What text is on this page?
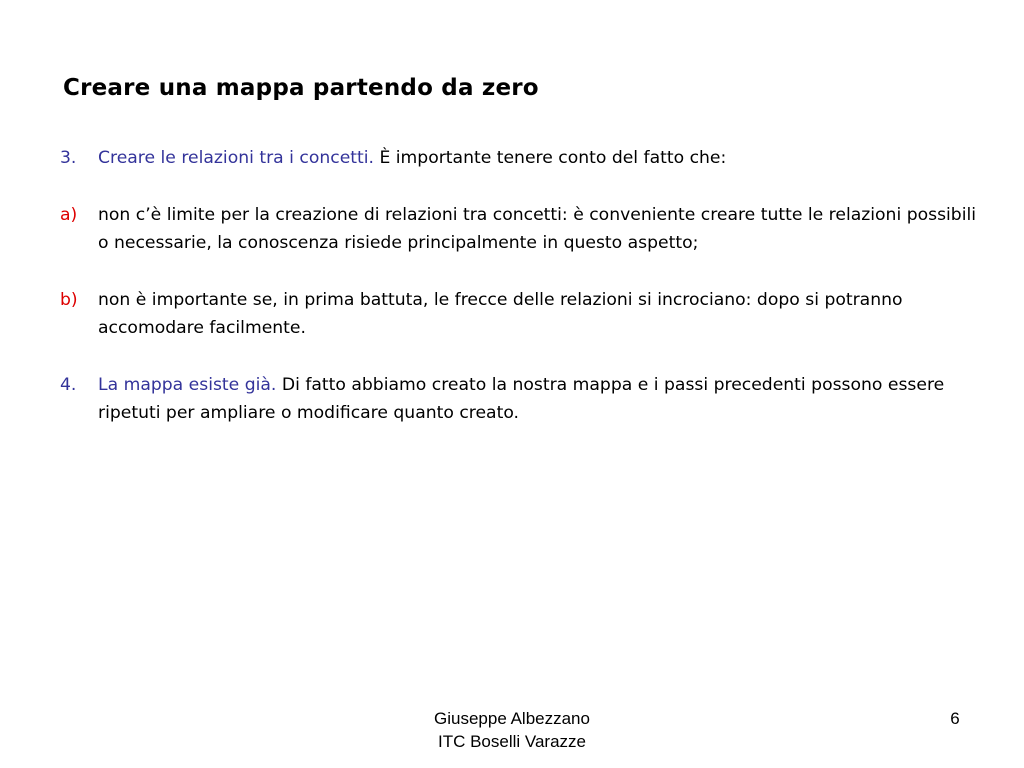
Creare una mappa partendo da zero
3.	Creare le relazioni tra i concetti. È importante tenere conto del fatto che:
a)	non c’è limite per la creazione di relazioni tra concetti: è conveniente creare tutte le relazioni possibili o necessarie, la conoscenza risiede principalmente in questo aspetto;
b)	non è importante se, in prima battuta, le frecce delle relazioni si incrociano: dopo si potranno accomodare facilmente.
4.	La mappa esiste già. Di fatto abbiamo creato la nostra mappa e i passi precedenti possono essere ripetuti per ampliare o modificare quanto creato.
Giuseppe Albezzano
ITC Boselli Varazze
6
